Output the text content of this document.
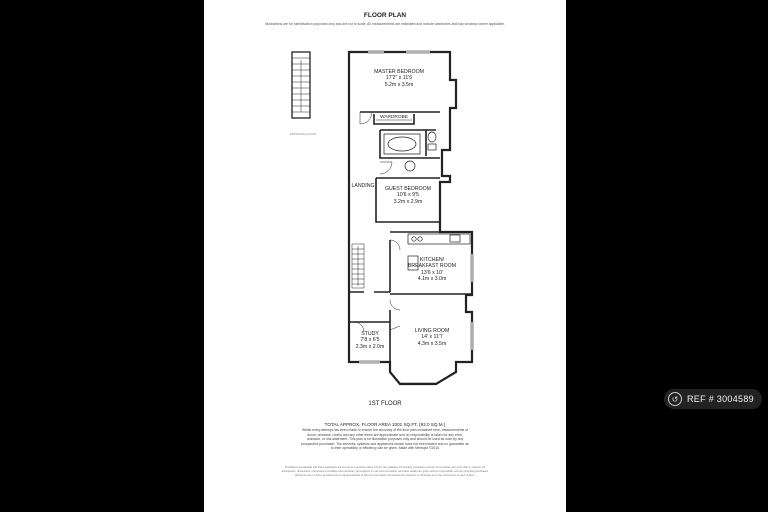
FLOOR PLAN
Illustrations are for identification purposes only and are not to scale. All measurements are estimates and include wardrobes and bay windows where applicable.
MASTER BEDROOM
17'2" x 11'6
5.2m x 3.5m
WARDROBE
LANDING	GUEST BEDROOM
10'6 x 9'5
3.2m x 2.9m
KITCHEN/
BREAKFAST ROOM
13'6 x 10'
4.1m x 3.0m
STUDY
7'8 x 6'5
2.3m x 2.0m
LIVING ROOM
14' x 11'7
4.3m x 3.5m
ENTRANCE FLOOR
1ST FLOOR
TOTAL APPROX. FLOOR AREA 1001 SQ.FT. (93.0 SQ.M.)
Whilst every attempt has been made to ensure the accuracy of the floor plan contained here, measurements of doors, windows, rooms and any other items are approximate and no responsibility is taken for any error, omission, or mis-statement. This plan is for illustrative purposes only and should be used as such by any prospective purchaser. The services, systems and appliances shown have not been tested and no guarantee as to their operability or efficiency can be given. Made with Metropix ©2016
Purchasers are advised that these particulars are set out as a general outline only for the guidance of intending purchasers and do not constitute part of an offer or contract. All descriptions, dimensions, references to condition and necessary permissions for use and occupation, and other details are given without responsibility and any intending purchasers should not rely on them as statements or representations of fact but must satisfy themselves by inspection or otherwise as to the correctness of each of them.
↺ REF # 3004589
